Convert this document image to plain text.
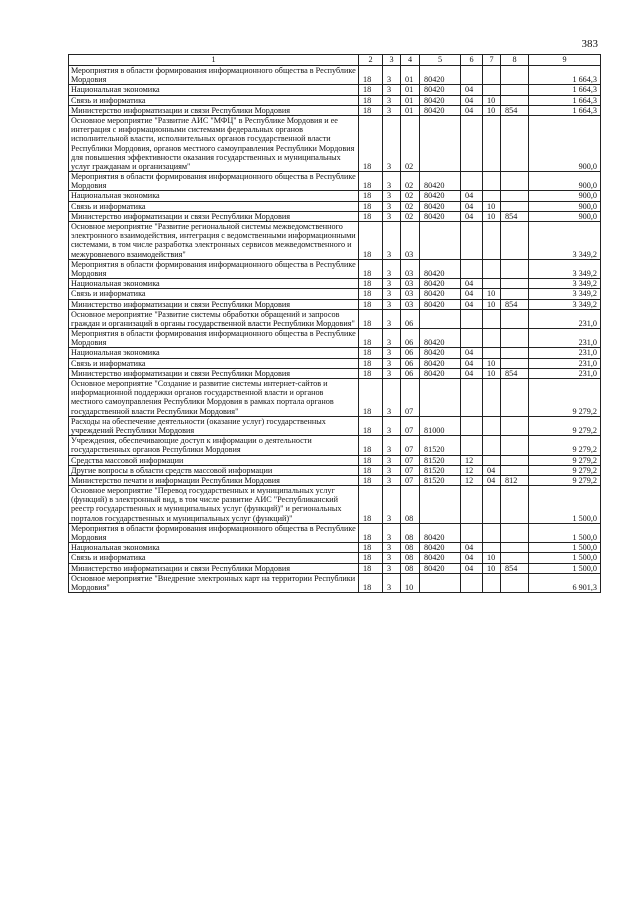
383
1	2	3	4	5	6	7	8	9
Мероприятия в области формирования информационного общества в Республике Мордовия	18	3	01	80420				1 664,3
Национальная экономика	18	3	01	80420	04			1 664,3
Связь и информатика	18	3	01	80420	04	10		1 664,3
Министерство информатизации и связи Республики Мордовия	18	3	01	80420	04	10	854	1 664,3
Основное мероприятие "Развитие АИС "МФЦ" в Республике Мордовия и ее интеграция с информационными системами федеральных органов исполнительной власти, исполнительных органов государственной власти Республики Мордовия, органов местного самоуправления Республики Мордовия для повышения эффективности оказания государственных и муниципальных услуг гражданам и организациям"	18	3	02					900,0
Мероприятия в области формирования информационного общества в Республике Мордовия	18	3	02	80420				900,0
Национальная экономика	18	3	02	80420	04			900,0
Связь и информатика	18	3	02	80420	04	10		900,0
Министерство информатизации и связи Республики Мордовия	18	3	02	80420	04	10	854	900,0
Основное мероприятие "Развитие региональной системы межведомственного электронного взаимодействия, интеграция с ведомственными информационными системами, в том числе разработка электронных сервисов межведомственного и межуровневого взаимодействия"	18	3	03					3 349,2
Мероприятия в области формирования информационного общества в Республике Мордовия	18	3	03	80420				3 349,2
Национальная экономика	18	3	03	80420	04			3 349,2
Связь и информатика	18	3	03	80420	04	10		3 349,2
Министерство информатизации и связи Республики Мордовия	18	3	03	80420	04	10	854	3 349,2
Основное мероприятие "Развитие системы обработки обращений и запросов граждан и организаций в органы государственной власти Республики Мордовия"	18	3	06					231,0
Мероприятия в области формирования информационного общества в Республике Мордовия	18	3	06	80420				231,0
Национальная экономика	18	3	06	80420	04			231,0
Связь и информатика	18	3	06	80420	04	10		231,0
Министерство информатизации и связи Республики Мордовия	18	3	06	80420	04	10	854	231,0
Основное мероприятие "Создание и развитие системы интернет-сайтов и информационной поддержки органов государственной власти и органов местного самоуправления Республики Мордовия в рамках портала органов государственной власти Республики Мордовия"	18	3	07					9 279,2
Расходы на обеспечение деятельности (оказание услуг) государственных учреждений Республики Мордовия	18	3	07	81000				9 279,2
Учреждения, обеспечивающие доступ к информации о деятельности государственных органов Республики Мордовия	18	3	07	81520				9 279,2
Средства массовой информации	18	3	07	81520	12			9 279,2
Другие вопросы в области средств массовой информации	18	3	07	81520	12	04		9 279,2
Министерство печати и информации Республики Мордовия	18	3	07	81520	12	04	812	9 279,2
Основное мероприятие "Перевод государственных и муниципальных услуг (функций) в электронный вид, в том числе развитие АИС "Республиканский реестр государственных и муниципальных услуг (функций)" и региональных порталов государственных и муниципальных услуг (функций)"	18	3	08					1 500,0
Мероприятия в области формирования информационного общества в Республике Мордовия	18	3	08	80420				1 500,0
Национальная экономика	18	3	08	80420	04			1 500,0
Связь и информатика	18	3	08	80420	04	10		1 500,0
Министерство информатизации и связи Республики Мордовия	18	3	08	80420	04	10	854	1 500,0
Основное мероприятие "Внедрение электронных карт на территории Республики Мордовия"	18	3	10					6 901,3
